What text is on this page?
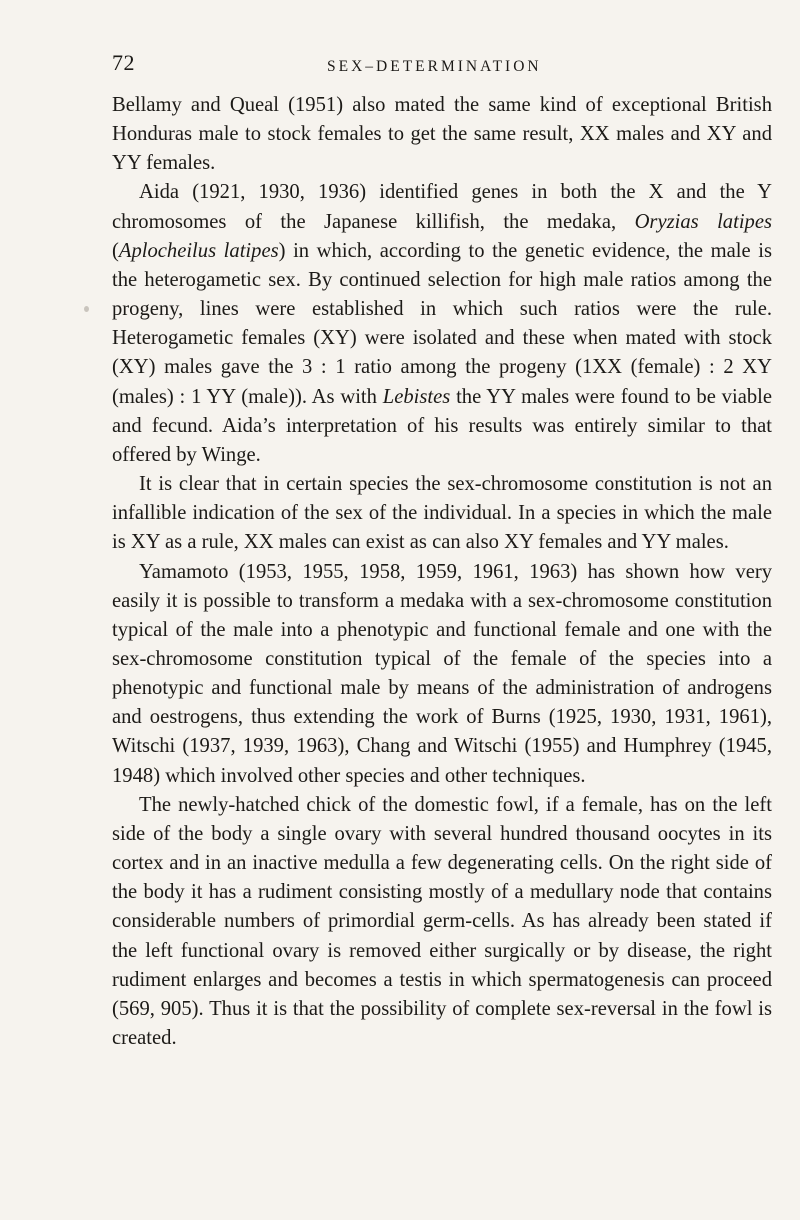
72	SEX–DETERMINATION

Bellamy and Queal (1951) also mated the same kind of exceptional British Honduras male to stock females to get the same result, XX males and XY and YY females.

Aida (1921, 1930, 1936) identified genes in both the X and the Y chromosomes of the Japanese killifish, the medaka, Oryzias latipes (Aplocheilus latipes) in which, according to the genetic evidence, the male is the heterogametic sex. By continued selection for high male ratios among the progeny, lines were established in which such ratios were the rule. Heterogametic females (XY) were isolated and these when mated with stock (XY) males gave the 3 : 1 ratio among the progeny (1XX (female) : 2 XY (males) : 1 YY (male)). As with Lebistes the YY males were found to be viable and fecund. Aida’s interpretation of his results was entirely similar to that offered by Winge.

It is clear that in certain species the sex-chromosome constitution is not an infallible indication of the sex of the individual. In a species in which the male is XY as a rule, XX males can exist as can also XY females and YY males.

Yamamoto (1953, 1955, 1958, 1959, 1961, 1963) has shown how very easily it is possible to transform a medaka with a sex-chromosome constitution typical of the male into a phenotypic and functional female and one with the sex-chromosome constitution typical of the female of the species into a phenotypic and functional male by means of the administration of androgens and oestrogens, thus extending the work of Burns (1925, 1930, 1931, 1961), Witschi (1937, 1939, 1963), Chang and Witschi (1955) and Humphrey (1945, 1948) which involved other species and other techniques.

The newly-hatched chick of the domestic fowl, if a female, has on the left side of the body a single ovary with several hundred thousand oocytes in its cortex and in an inactive medulla a few degenerating cells. On the right side of the body it has a rudiment consisting mostly of a medullary node that contains considerable numbers of primordial germ-cells. As has already been stated if the left functional ovary is removed either surgically or by disease, the right rudiment enlarges and becomes a testis in which spermatogenesis can proceed (569, 905). Thus it is that the possibility of complete sex-reversal in the fowl is created.
